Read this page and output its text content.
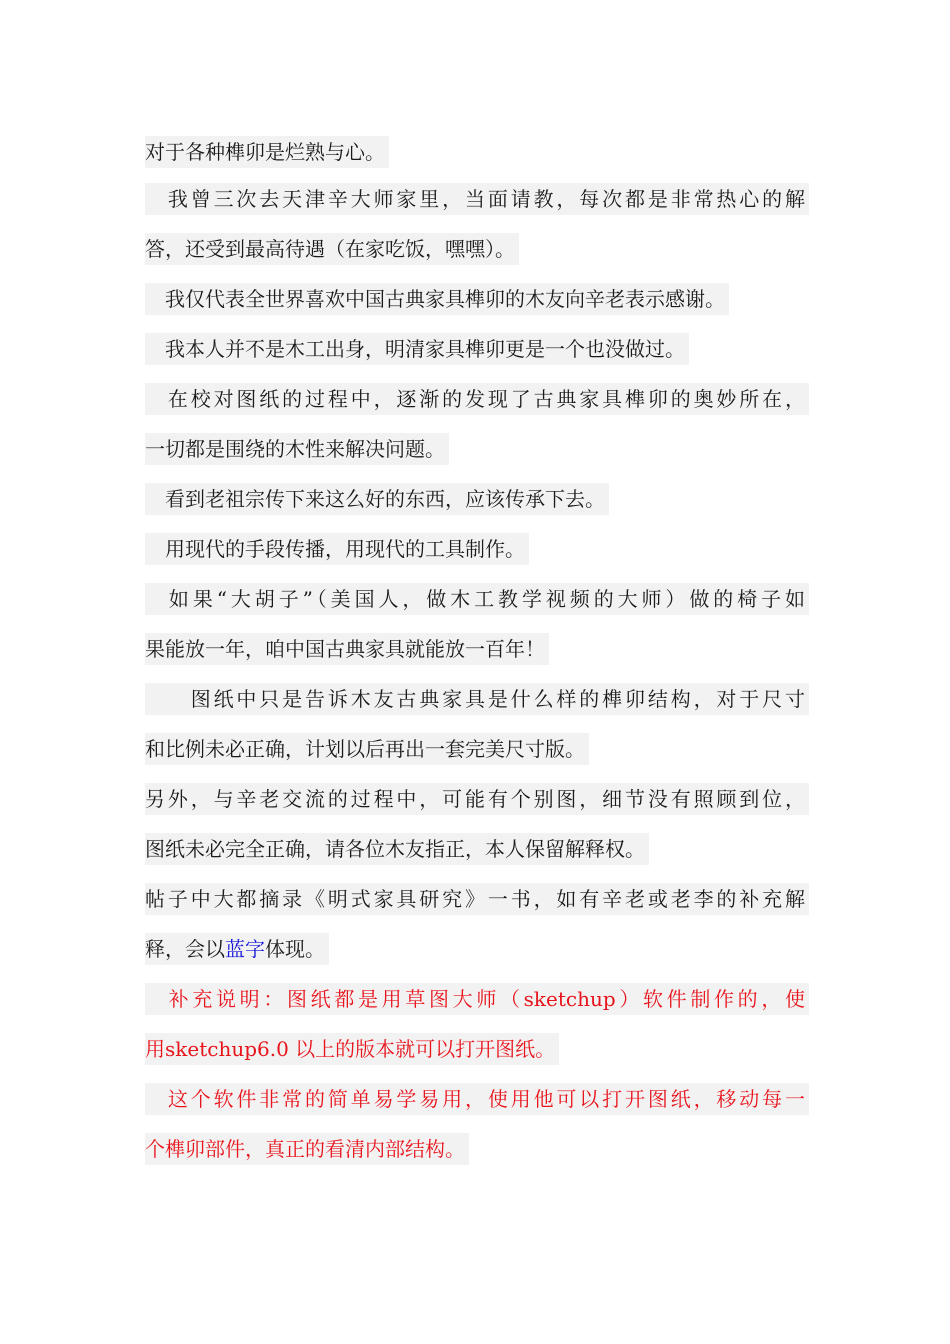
对于各种榫卯是烂熟与心。
　我曾三次去天津辛大师家里，当面请教，每次都是非常热心的解
答，还受到最高待遇（在家吃饭，嘿嘿）。
　我仅代表全世界喜欢中国古典家具榫卯的木友向辛老表示感谢。
　我本人并不是木工出身，明清家具榫卯更是一个也没做过。
　在校对图纸的过程中，逐渐的发现了古典家具榫卯的奥妙所在，
一切都是围绕的木性来解决问题。
　看到老祖宗传下来这么好的东西，应该传承下去。
　用现代的手段传播，用现代的工具制作。
　如果“大胡子”（美国人，做木工教学视频的大师）做的椅子如
果能放一年，咱中国古典家具就能放一百年！
　　图纸中只是告诉木友古典家具是什么样的榫卯结构，对于尺寸
和比例未必正确，计划以后再出一套完美尺寸版。
另外，与辛老交流的过程中，可能有个别图，细节没有照顾到位，
图纸未必完全正确，请各位木友指正，本人保留解释权。
帖子中大都摘录《明式家具研究》一书，如有辛老或老李的补充解
释，会以蓝字体现。
　补充说明：图纸都是用草图大师（sketchup）软件制作的，使
用sketchup6.0 以上的版本就可以打开图纸。
　这个软件非常的简单易学易用，使用他可以打开图纸，移动每一
个榫卯部件，真正的看清内部结构。
